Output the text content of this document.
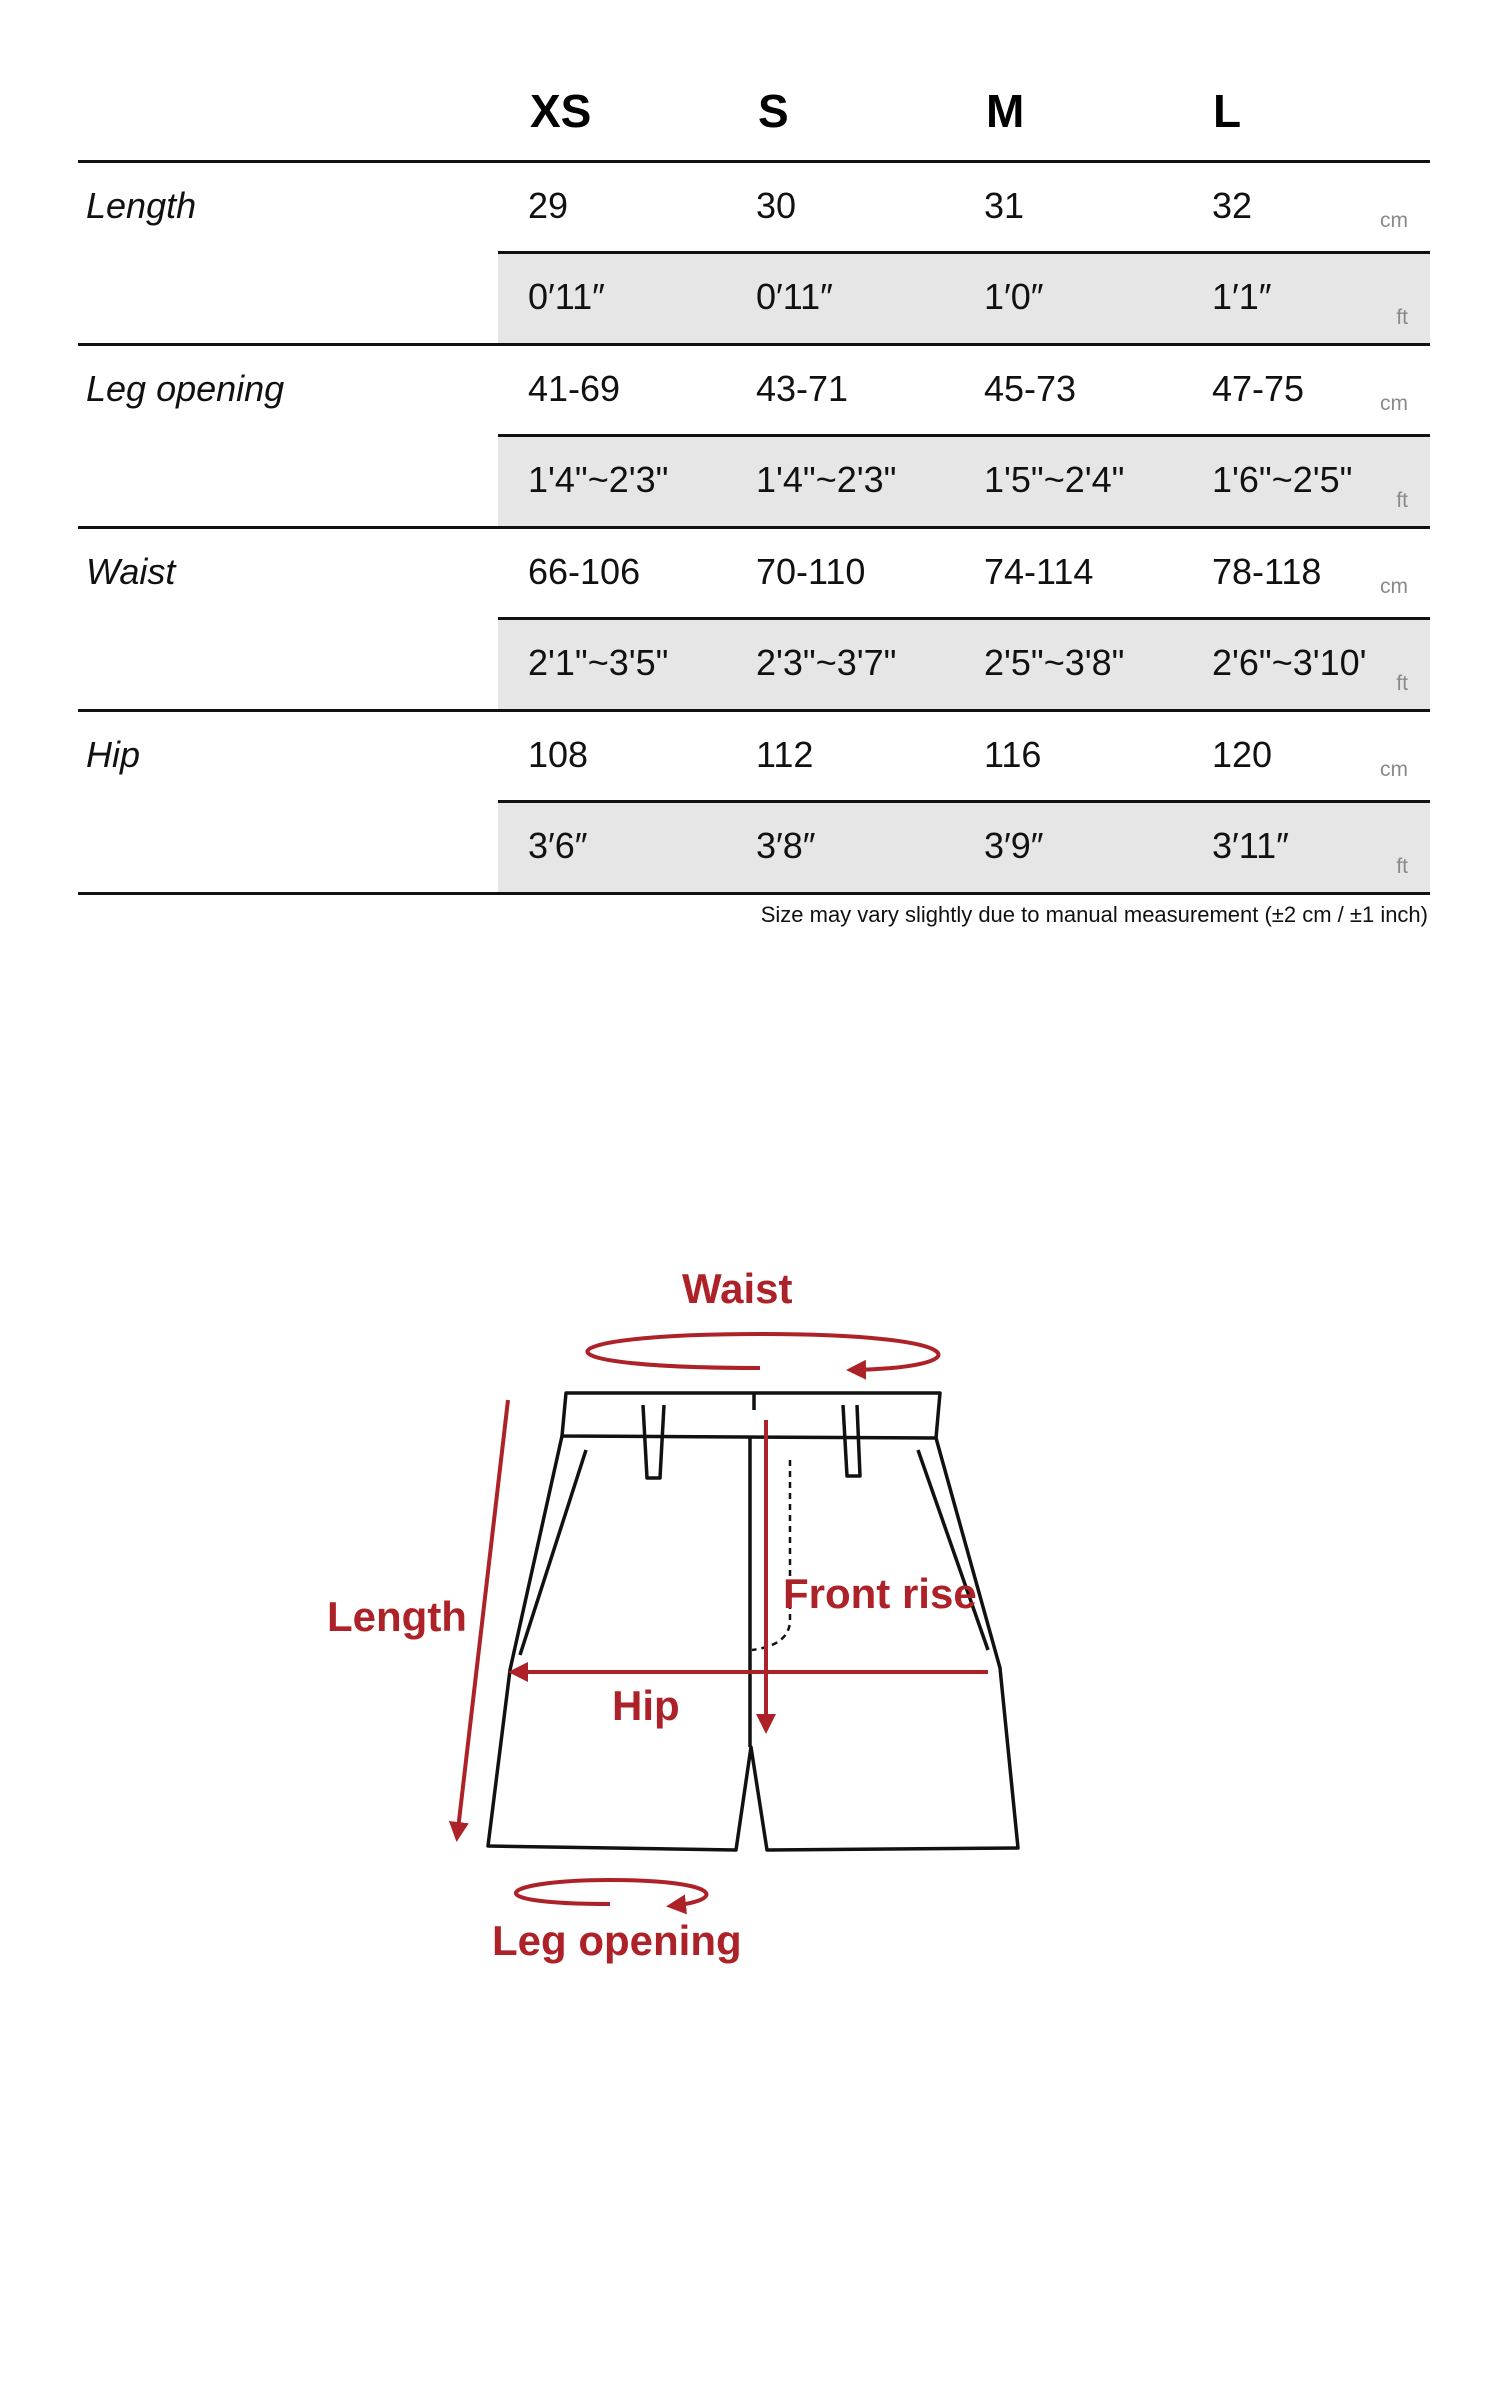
XS	S	M	L
Length	29	30	31	32	cm
0′11″	0′11″	1′0″	1′1″
ft
Leg opening	41-69	43-71	45-73	47-75	cm
1'4"~2'3" 1'4"~2'3" 1'5"~2'4" 1'6"~2'5"
ft
Waist	66-106	70-110	74-114	78-118	cm
2'1"~3'5" 2'3"~3'7" 2'5"~3'8" 2'6"~3'10'
ft
Hip	108	112	116	120	cm
3′6″	3′8″	3′9″	3′11″
ft
Size may vary slightly due to manual measurement (±2 cm / ±1 inch)
Waist
Length	Front rise
Hip
Leg opening
